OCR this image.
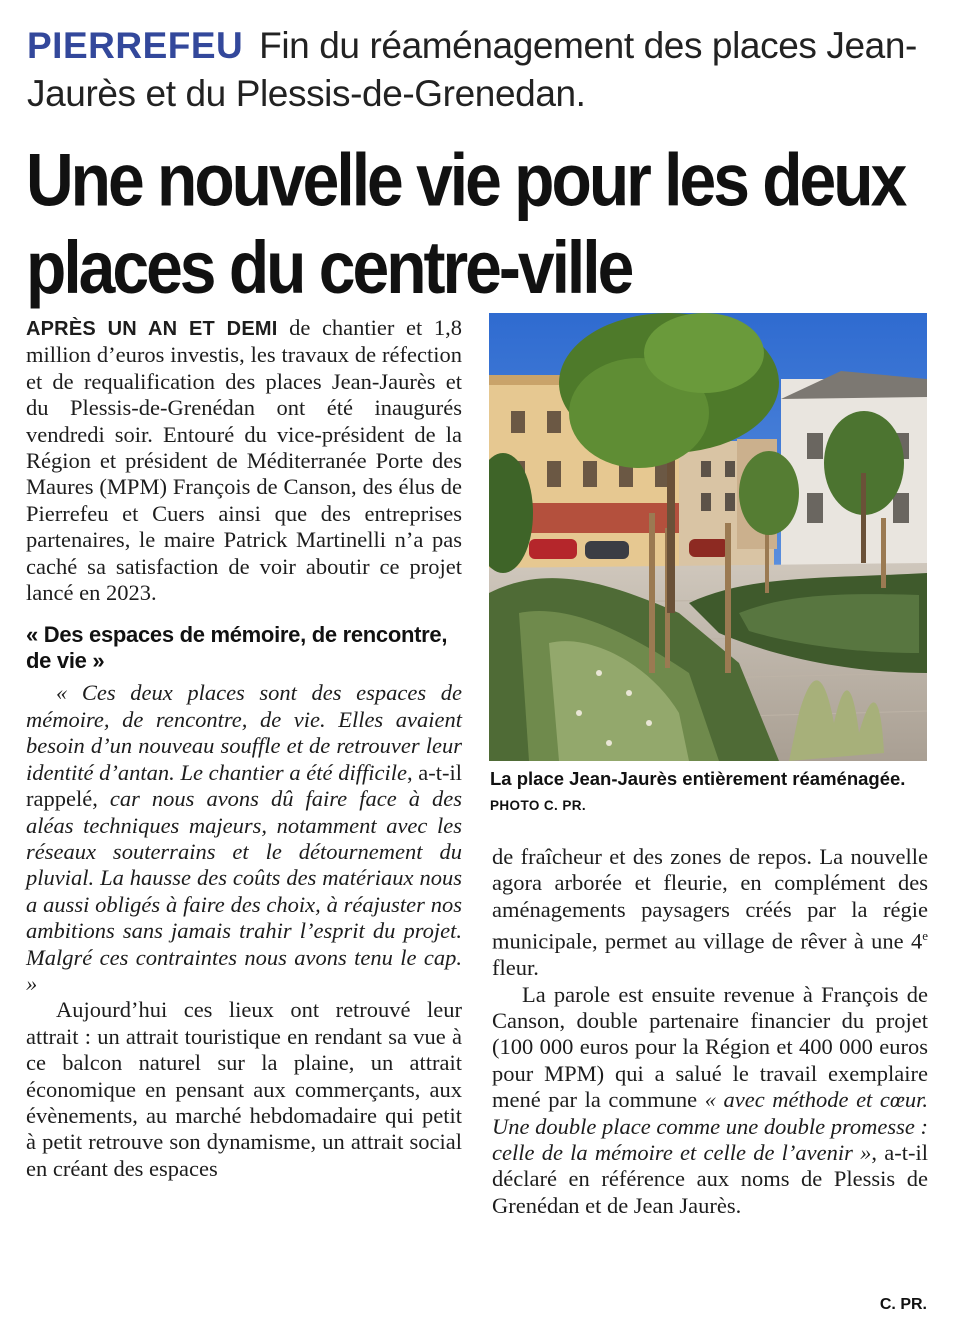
PIERREFEU Fin du réaménagement des places Jean-Jaurès et du Plessis-de-Grenedan.
Une nouvelle vie pour les deux places du centre-ville

APRÈS UN AN ET DEMI de chantier et 1,8 million d’euros investis, les travaux de réfection et de requalification des places Jean-Jaurès et du Plessis-de-Grenédan ont été inaugurés vendredi soir. Entouré du vice-président de la Région et président de Méditerranée Porte des Maures (MPM) François de Canson, des élus de Pierrefeu et Cuers ainsi que des entreprises partenaires, le maire Patrick Martinelli n’a pas caché sa satisfaction de voir aboutir ce projet lancé en 2023.

« Des espaces de mémoire, de rencontre, de vie »

« Ces deux places sont des espaces de mémoire, de rencontre, de vie. Elles avaient besoin d’un nouveau souffle et de retrouver leur identité d’antan. Le chantier a été difficile, a-t-il rappelé, car nous avons dû faire face à des aléas techniques majeurs, notamment avec les réseaux souterrains et le détournement du pluvial. La hausse des coûts des matériaux nous a aussi obligés à faire des choix, à réajuster nos ambitions sans jamais trahir l’esprit du projet. Malgré ces contraintes nous avons tenu le cap. »

Aujourd’hui ces lieux ont retrouvé leur attrait : un attrait touristique en rendant sa vue à ce balcon naturel sur la plaine, un attrait économique en pensant aux commerçants, aux évènements, au marché hebdomadaire qui petit à petit retrouve son dynamisme, un attrait social en créant des espaces

La place Jean-Jaurès entièrement réaménagée. PHOTO C. PR.

de fraîcheur et des zones de repos. La nouvelle agora arborée et fleurie, en complément des aménagements paysagers créés par la régie municipale, permet au village de rêver à une 4e fleur.

La parole est ensuite revenue à François de Canson, double partenaire financier du projet (100 000 euros pour la Région et 400 000 euros pour MPM) qui a salué le travail exemplaire mené par la commune « avec méthode et cœur. Une double place comme une double promesse : celle de la mémoire et celle de l’avenir », a-t-il déclaré en référence aux noms de Plessis de Grenédan et de Jean Jaurès.

C. PR.
